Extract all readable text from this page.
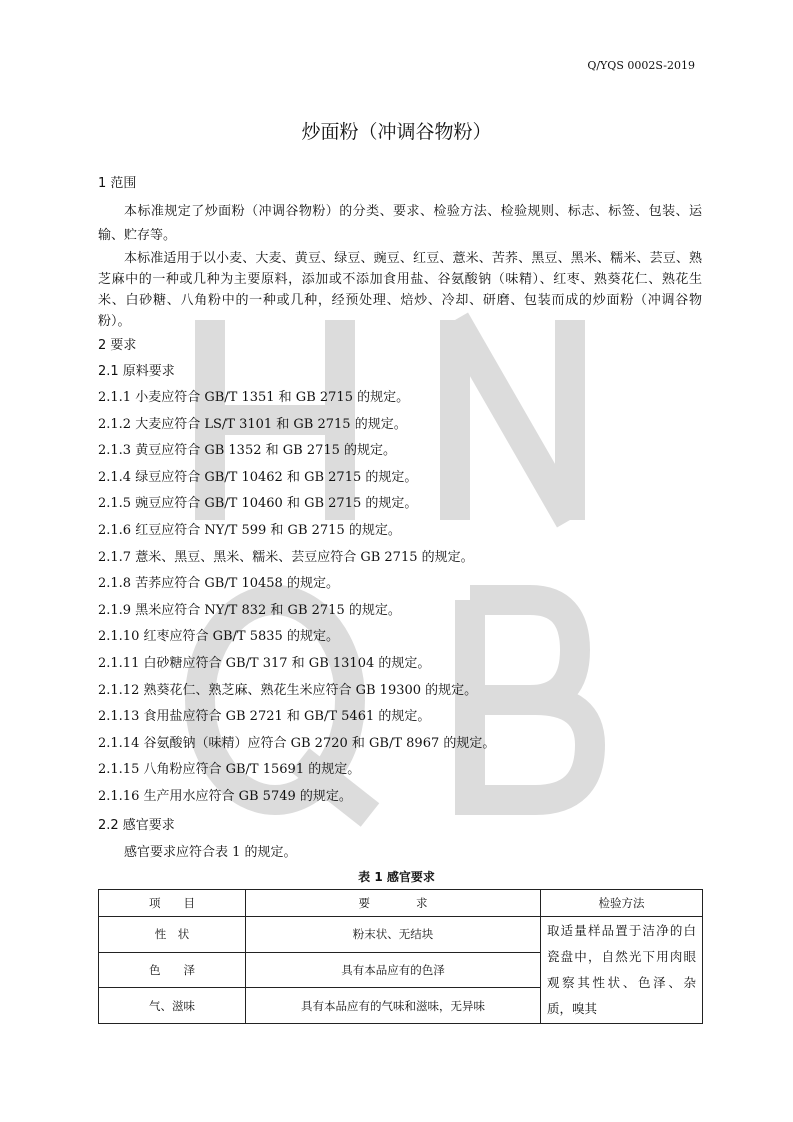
Q/YQS 0002S-2019
炒面粉（冲调谷物粉）
1 范围
本标准规定了炒面粉（冲调谷物粉）的分类、要求、检验方法、检验规则、标志、标签、包装、运输、贮存等。
本标准适用于以小麦、大麦、黄豆、绿豆、豌豆、红豆、薏米、苦荞、黑豆、黑米、糯米、芸豆、熟芝麻中的一种或几种为主要原料，添加或不添加食用盐、谷氨酸钠（味精）、红枣、熟葵花仁、熟花生米、白砂糖、八角粉中的一种或几种，经预处理、焙炒、冷却、研磨、包装而成的炒面粉（冲调谷物粉）。
2 要求
2.1 原料要求
2.1.1 小麦应符合 GB/T 1351 和 GB 2715 的规定。
2.1.2 大麦应符合 LS/T 3101 和 GB 2715 的规定。
2.1.3 黄豆应符合 GB 1352 和 GB 2715 的规定。
2.1.4 绿豆应符合 GB/T 10462 和 GB 2715 的规定。
2.1.5 豌豆应符合 GB/T 10460 和 GB 2715 的规定。
2.1.6 红豆应符合 NY/T 599 和 GB 2715 的规定。
2.1.7 薏米、黑豆、黑米、糯米、芸豆应符合 GB 2715 的规定。
2.1.8 苦荞应符合 GB/T 10458 的规定。
2.1.9 黑米应符合 NY/T 832 和 GB 2715 的规定。
2.1.10 红枣应符合 GB/T 5835 的规定。
2.1.11 白砂糖应符合 GB/T 317 和 GB 13104 的规定。
2.1.12 熟葵花仁、熟芝麻、熟花生米应符合 GB 19300 的规定。
2.1.13 食用盐应符合 GB 2721 和 GB/T 5461 的规定。
2.1.14 谷氨酸钠（味精）应符合 GB 2720 和 GB/T 8967 的规定。
2.1.15 八角粉应符合 GB/T 15691 的规定。
2.1.16 生产用水应符合 GB 5749 的规定。
2.2 感官要求
感官要求应符合表 1 的规定。
表 1 感官要求
项　　目	要　　　　求	检验方法
性　状	粉末状、无结块	取适量样品置于洁净的白瓷盘中，自然光下用肉眼观察其性状、色泽、杂质，嗅其
色　　泽	具有本品应有的色泽	
气、滋味	具有本品应有的气味和滋味，无异味	
